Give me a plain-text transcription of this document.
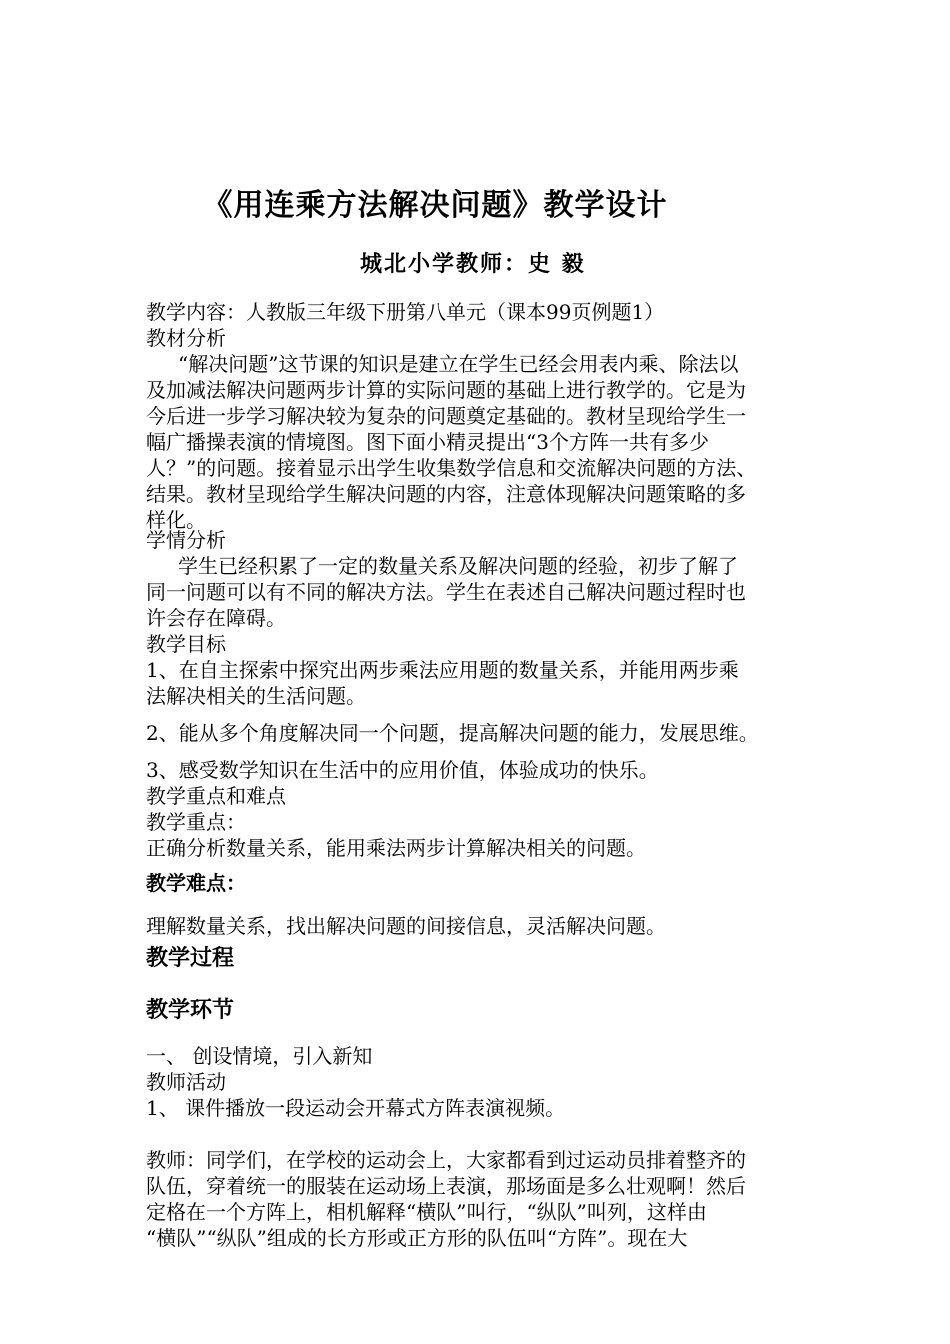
《用连乘方法解决问题》教学设计
城北小学教师：史 毅
教学内容：人教版三年级下册第八单元（课本99页例题1）
教材分析
“解决问题”这节课的知识是建立在学生已经会用表内乘、除法以
及加减法解决问题两步计算的实际问题的基础上进行教学的。它是为
今后进一步学习解决较为复杂的问题奠定基础的。教材呈现给学生一
幅广播操表演的情境图。图下面小精灵提出“3个方阵一共有多少
人？”的问题。接着显示出学生收集数学信息和交流解决问题的方法、
结果。教材呈现给学生解决问题的内容，注意体现解决问题策略的多
样化。
学情分析
学生已经积累了一定的数量关系及解决问题的经验，初步了解了
同一问题可以有不同的解决方法。学生在表述自己解决问题过程时也
许会存在障碍。
教学目标
1、在自主探索中探究出两步乘法应用题的数量关系，并能用两步乘
法解决相关的生活问题。
2、能从多个角度解决同一个问题，提高解决问题的能力，发展思维。
3、感受数学知识在生活中的应用价值，体验成功的快乐。
教学重点和难点
教学重点：
正确分析数量关系，能用乘法两步计算解决相关的问题。
教学难点：
理解数量关系，找出解决问题的间接信息，灵活解决问题。
教学过程
教学环节
一、 创设情境，引入新知
教师活动
1、 课件播放一段运动会开幕式方阵表演视频。
教师：同学们，在学校的运动会上，大家都看到过运动员排着整齐的
队伍，穿着统一的服装在运动场上表演，那场面是多么壮观啊！然后
定格在一个方阵上，相机解释“横队”叫行，“纵队”叫列，这样由
“横队”“纵队”组成的长方形或正方形的队伍叫“方阵”。现在大
